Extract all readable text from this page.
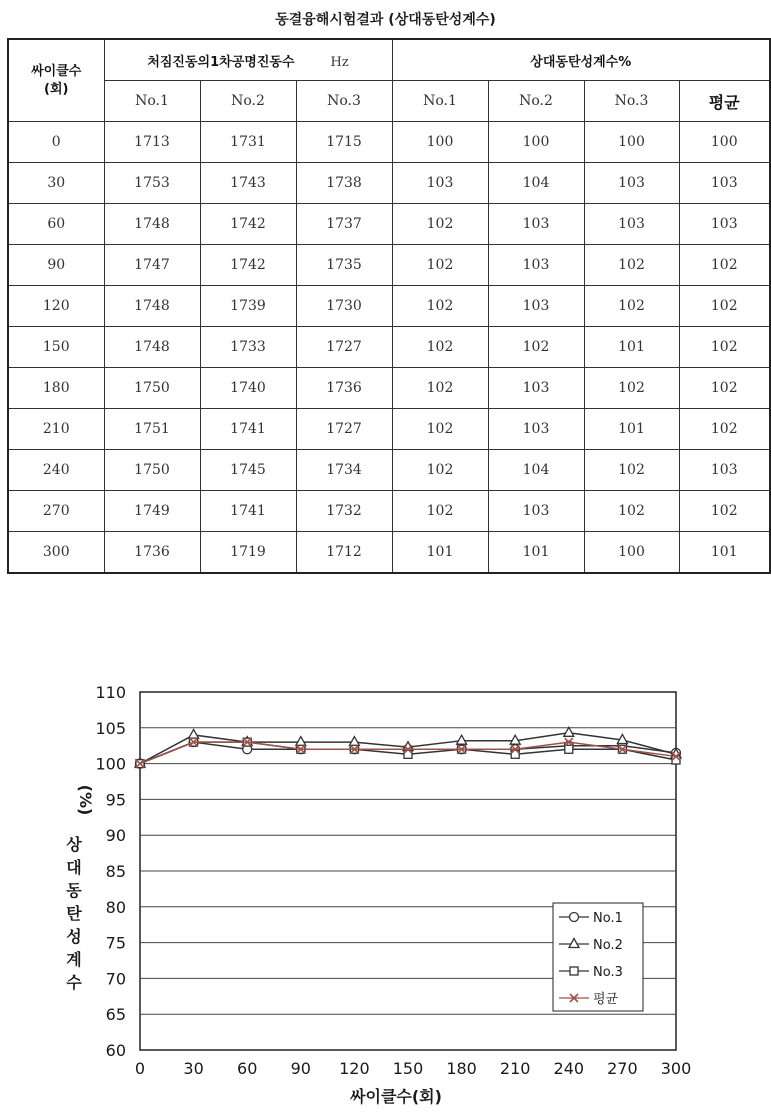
동결융해시험결과 (상대동탄성계수)
싸이클수
(회)	처짐진동의1차공명진동수 Hz			상대동탄성계수%			
	No.1	No.2	No.3	No.1	No.2	No.3	평균
0	1713	1731	1715	100	100	100	100
30	1753	1743	1738	103	104	103	103
60	1748	1742	1737	102	103	103	103
90	1747	1742	1735	102	103	102	102
120	1748	1739	1730	102	103	102	102
150	1748	1733	1727	102	102	101	102
180	1750	1740	1736	102	103	102	102
210	1751	1741	1727	102	103	101	102
240	1750	1745	1734	102	104	102	103
270	1749	1741	1732	102	103	102	102
300	1736	1719	1712	101	101	100	101
60
65
70
75
80
85
90
95
100
105
110
0 30 60 90 120 150 180 210 240 270 300
No.1
No.2
No.3
평균
싸이클수(회)
(%)
상 대 동 탄 성 계 수
